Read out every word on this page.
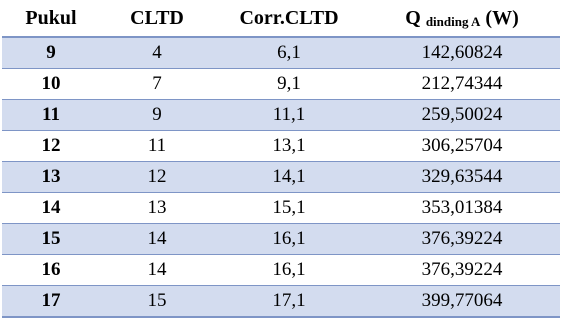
Pukul	CLTD	Corr.CLTD	Q dinding A (W)
9	4	6,1	142,60824
10	7	9,1	212,74344
11	9	11,1	259,50024
12	11	13,1	306,25704
13	12	14,1	329,63544
14	13	15,1	353,01384
15	14	16,1	376,39224
16	14	16,1	376,39224
17	15	17,1	399,77064
